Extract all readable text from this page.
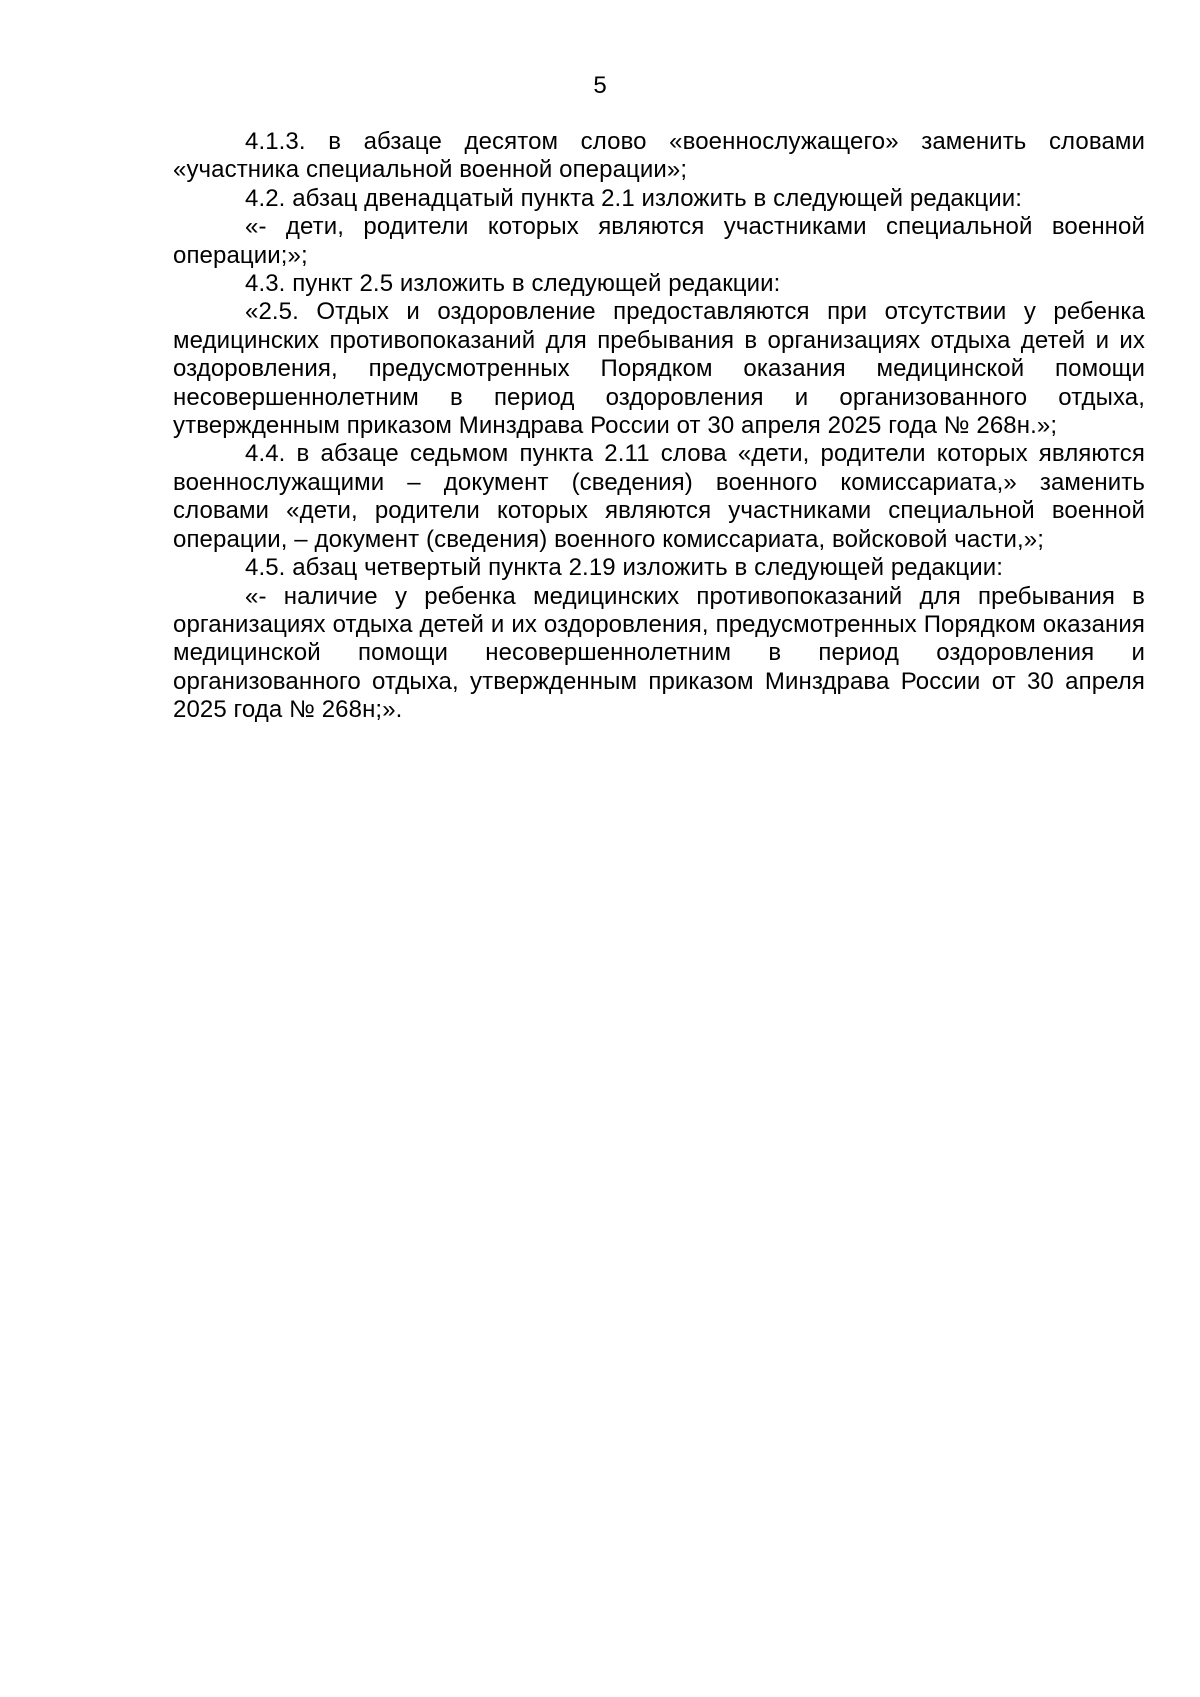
5

4.1.3. в абзаце десятом слово «военнослужащего» заменить словами «участника специальной военной операции»;

4.2. абзац двенадцатый пункта 2.1 изложить в следующей редакции:

«- дети, родители которых являются участниками специальной военной операции;»;

4.3. пункт 2.5 изложить в следующей редакции:

«2.5. Отдых и оздоровление предоставляются при отсутствии у ребенка медицинских противопоказаний для пребывания в организациях отдыха детей и их оздоровления, предусмотренных Порядком оказания медицинской помощи несовершеннолетним в период оздоровления и организованного отдыха, утвержденным приказом Минздрава России от 30 апреля 2025 года № 268н.»;

4.4. в абзаце седьмом пункта 2.11 слова «дети, родители которых являются военнослужащими – документ (сведения) военного комиссариата,» заменить словами «дети, родители которых являются участниками специальной военной операции, – документ (сведения) военного комиссариата, войсковой части,»;

4.5. абзац четвертый пункта 2.19 изложить в следующей редакции:

«- наличие у ребенка медицинских противопоказаний для пребывания в организациях отдыха детей и их оздоровления, предусмотренных Порядком оказания медицинской помощи несовершеннолетним в период оздоровления и организованного отдыха, утвержденным приказом Минздрава России от 30 апреля 2025 года № 268н;».
